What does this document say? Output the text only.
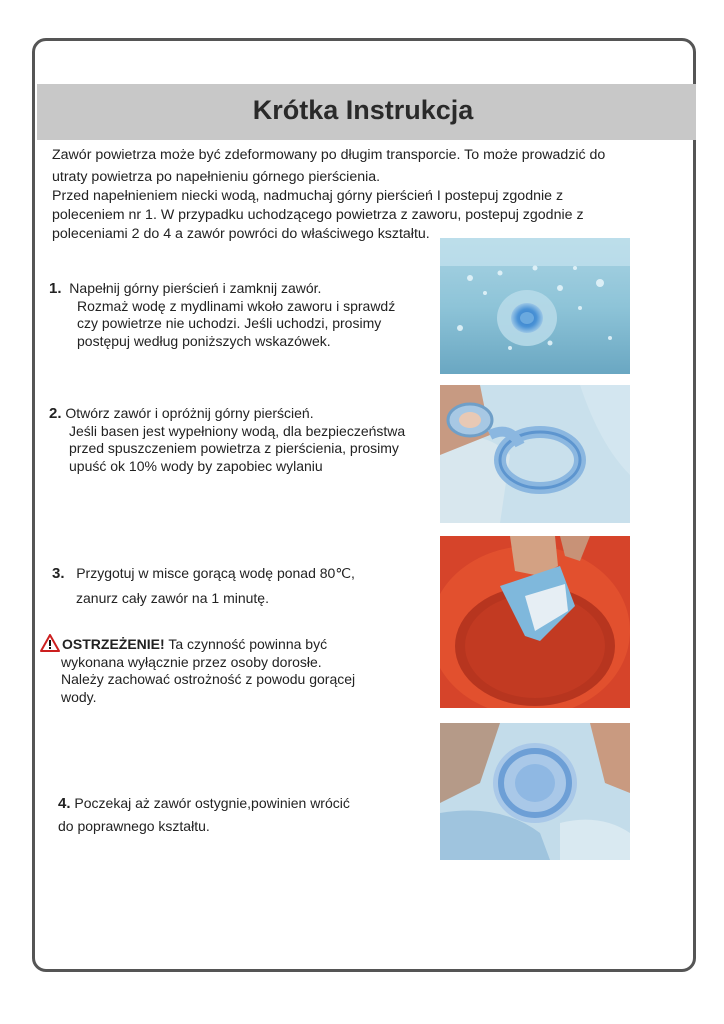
Krótka Instrukcja

Zawór powietrza może być zdeformowany po długim transporcie. To może prowadzić do

utraty powietrza po napełnieniu górnego pierścienia.

Przed napełnieniem niecki wodą, nadmuchaj górny pierścień I postepuj zgodnie z

poleceniem nr 1. W przypadku uchodzącego powietrza z zaworu, postepuj zgodnie z

poleceniami 2 do 4 a zawór powróci do właściwego kształtu.

1. Napełnij górny pierścień i zamknij zawór.
Rozmaż wodę z mydlinami wkoło zaworu i sprawdź
czy powietrze nie uchodzi. Jeśli uchodzi, prosimy
postępuj według poniższych wskazówek.
2. Otwórz zawór i opróżnij górny pierścień.
Jeśli basen jest wypełniony wodą, dla bezpieczeństwa
przed spuszczeniem powietrza z pierścienia, prosimy
upuść ok 10% wody by zapobiec wylaniu
3. Przygotuj w misce gorącą wodę ponad 80℃,
zanurz cały zawór na 1 minutę.
OSTRZEŻENIE! Ta czynność powinna być
wykonana wyłącznie przez osoby dorosłe.
Należy zachować ostrożność z powodu gorącej
wody.
4. Poczekaj aż zawór ostygnie,powinien wrócić
do poprawnego kształtu.
